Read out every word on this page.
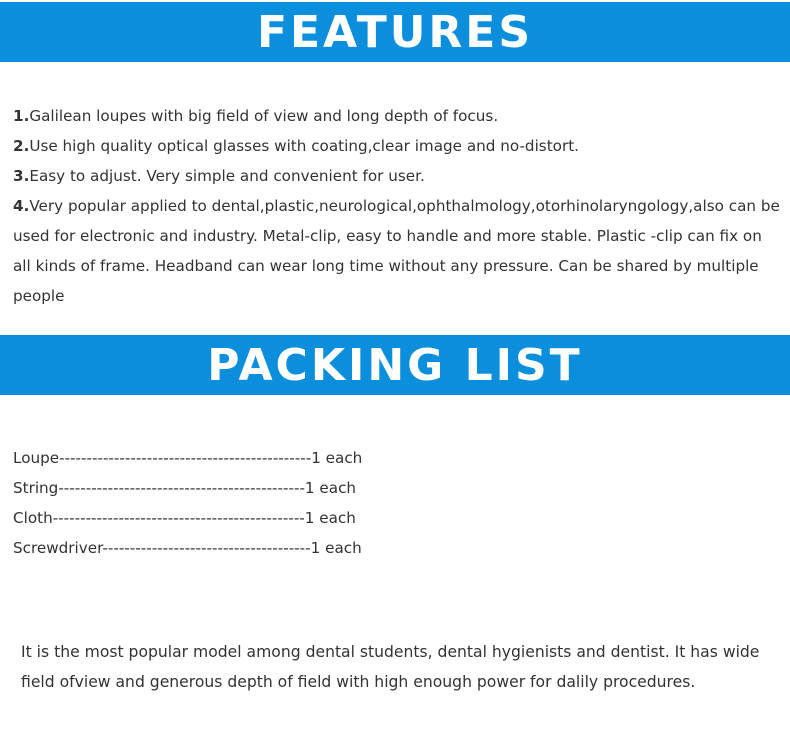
FEATURES

1.Galilean loupes with big field of view and long depth of focus.

2.Use high quality optical glasses with coating,clear image and no-distort.

3.Easy to adjust. Very simple and convenient for user.

4.Very popular applied to dental,plastic,neurological,ophthalmology,otorhinolaryngology,also can be used for electronic and industry. Metal-clip, easy to handle and more stable. Plastic -clip can fix on all kinds of frame. Headband can wear long time without any pressure. Can be shared by multiple people

PACKING LIST
Loupe----------------------------------------------1 each
String---------------------------------------------1 each
Cloth----------------------------------------------1 each
Screwdriver--------------------------------------1 each
It is the most popular model among dental students, dental hygienists and dentist. It has wide field ofview and generous depth of field with high enough power for dalily procedures.
